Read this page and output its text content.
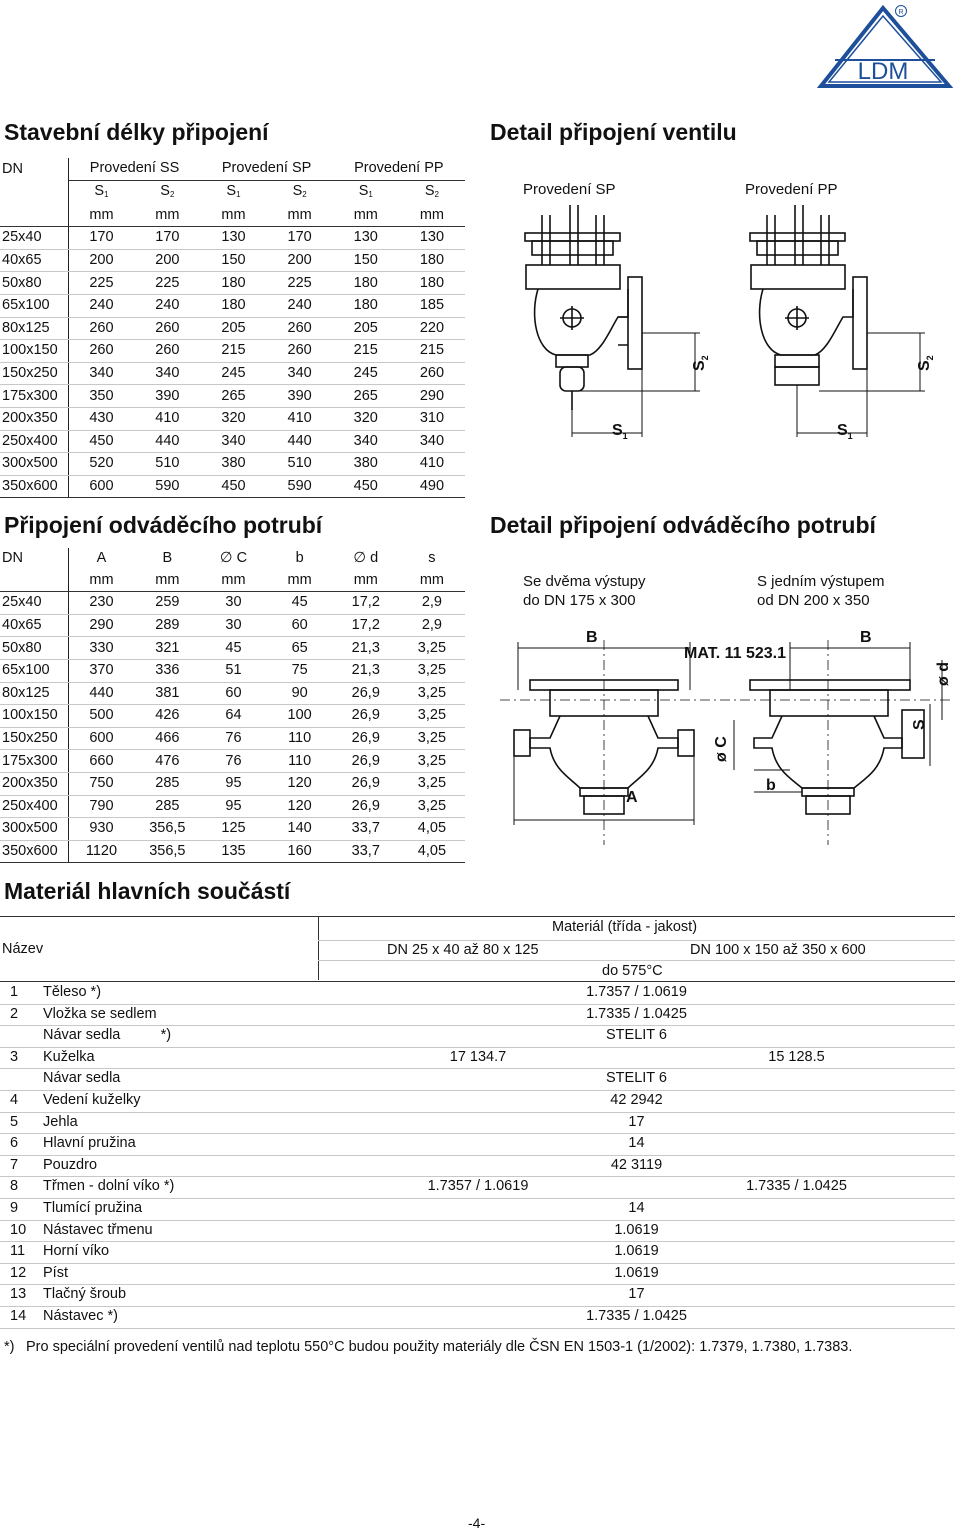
LDM
R
Stavební délky připojení
DN	Provedení SS		Provedení SP		Provedení PP	
	$S_1$	$S_2$	$S_1$	$S_2$	$S_1$	$S_2$
	mm	mm	mm	mm	mm	mm
25x40	170	170	130	170	130	130
40x65	200	200	150	200	150	180
50x80	225	225	180	225	180	180
65x100	240	240	180	240	180	185
80x125	260	260	205	260	205	220
100x150	260	260	215	260	215	215
150x250	340	340	245	340	245	260
175x300	350	390	265	390	265	290
200x350	430	410	320	410	320	310
250x400	450	440	340	440	340	340
300x500	520	510	380	510	380	410
350x600	600	590	450	590	450	490
Detail připojení ventilu
Provedení SP	Provedení PP
$S_1$	$S_1$
$S_2$
$S_2$
Připojení odváděcího potrubí
DN	A	B	∅ C	b	∅ d	s
	mm	mm	mm	mm	mm	mm
25x40	230	259	30	45	17,2	2,9
40x65	290	289	30	60	17,2	2,9
50x80	330	321	45	65	21,3	3,25
65x100	370	336	51	75	21,3	3,25
80x125	440	381	60	90	26,9	3,25
100x150	500	426	64	100	26,9	3,25
150x250	600	466	76	110	26,9	3,25
175x300	660	476	76	110	26,9	3,25
200x350	750	285	95	120	26,9	3,25
250x400	790	285	95	120	26,9	3,25
300x500	930	356,5	125	140	33,7	4,05
350x600	1120	356,5	135	160	33,7	4,05
Detail připojení odváděcího potrubí
Se dvěma výstupy
do DN 175 x 300
S jedním výstupem
od DN 200 x 350
B	B
MAT. 11 523.1
ø C
A
b
S
ø d
Materiál hlavních součástí
Materiál (třída - jakost)
Název	DN 25 x 40 až 80 x 125	DN 100 x 150 až 350 x 600
do 575°C
1 Těleso *)	1.7357 / 1.0619
2 Vložka se sedlem	1.7335 / 1.0425
Návar sedla          *)	STELIT 6
3 Kuželka	17 134.7	15 128.5
Návar sedla	STELIT 6
4 Vedení kuželky	42 2942
5 Jehla	17
6 Hlavní pružina	14
7 Pouzdro	42 3119
8 Třmen - dolní víko *)	1.7357 / 1.0619	1.7335 / 1.0425
9 Tlumící pružina	14
10 Nástavec třmenu	1.0619
11 Horní víko	1.0619
12 Píst	1.0619
13 Tlačný šroub	17
14 Nástavec *)	1.7335 / 1.0425
*) Pro speciální provedení ventilů nad teplotu 550°C budou použity materiály dle ČSN EN 1503-1 (1/2002): 1.7379, 1.7380, 1.7383.
-4-
